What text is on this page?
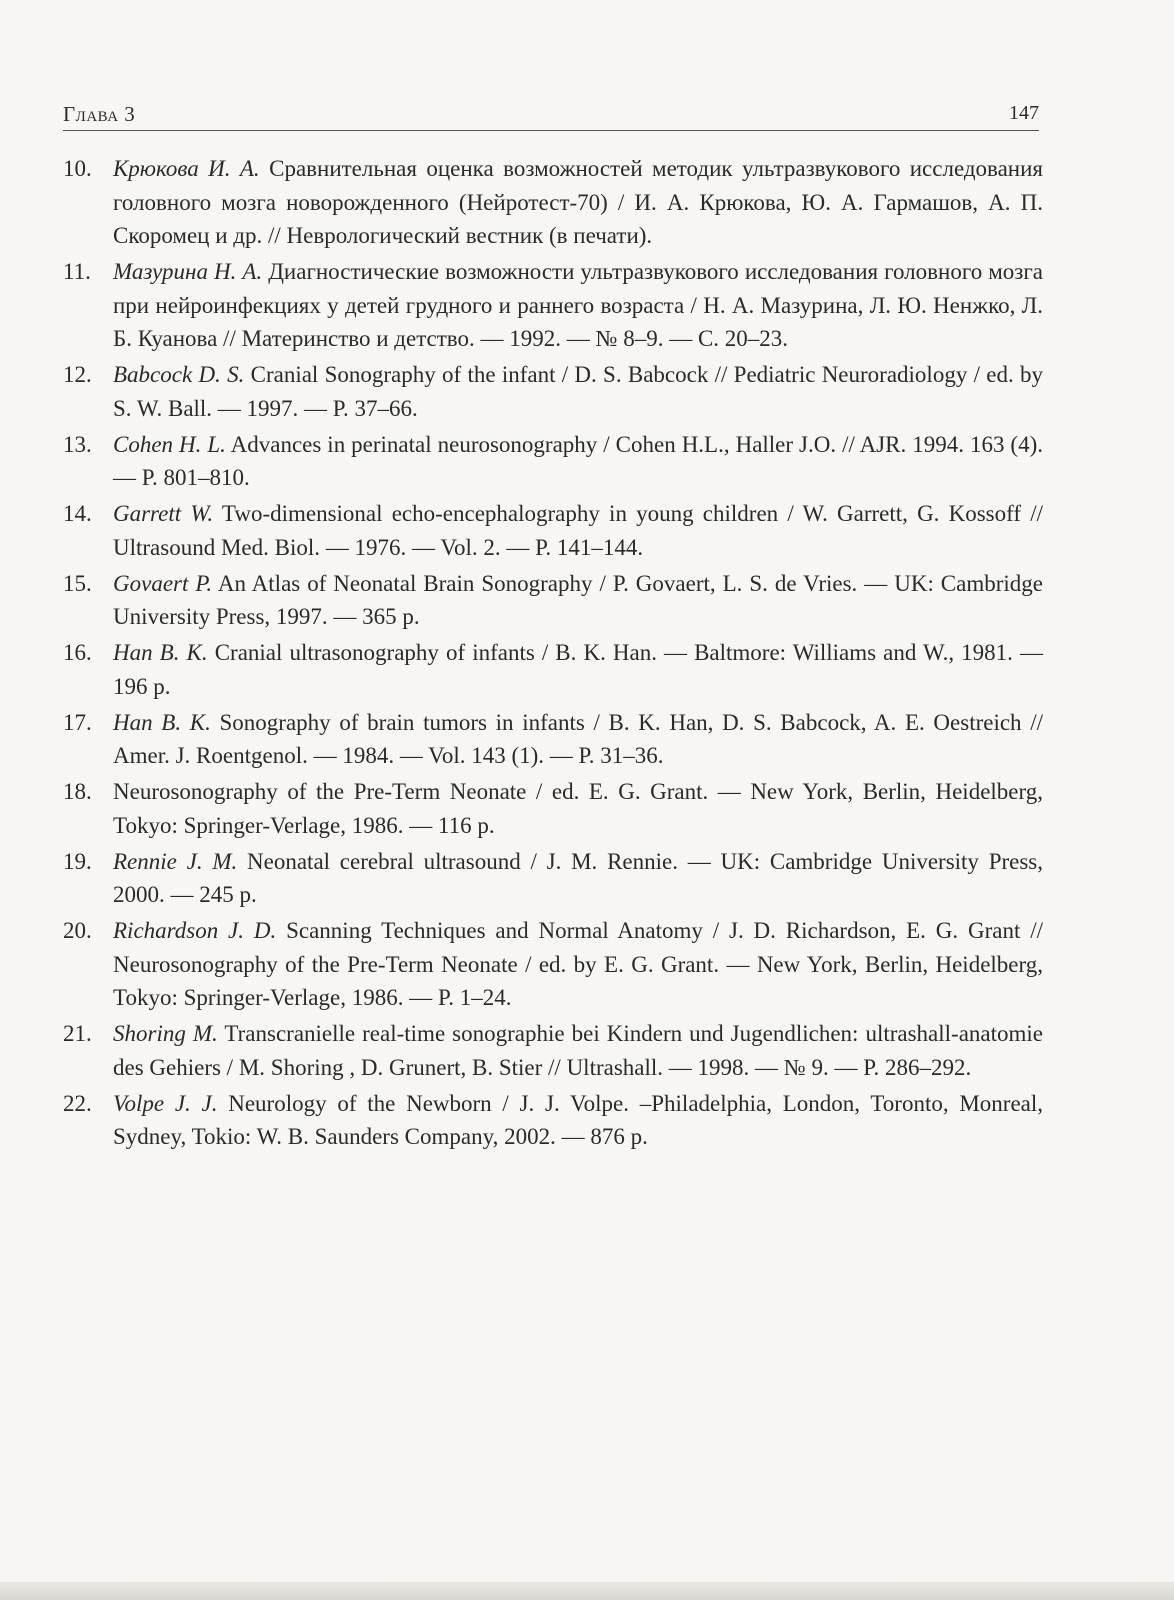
Глава 3	147
10. Крюкова И. А. Сравнительная оценка возможностей методик ультразвукового исследования головного мозга новорожденного (Нейротест-70) / И. А. Крюкова, Ю. А. Гармашов, А. П. Скоромец и др. // Неврологический вестник (в печати).
11. Мазурина Н. А. Диагностические возможности ультразвукового исследования головного мозга при нейроинфекциях у детей грудного и раннего возраста / Н. А. Мазурина, Л. Ю. Ненжко, Л. Б. Куанова // Материнство и детство. — 1992. — № 8–9. — С. 20–23.
12. Babcock D. S. Cranial Sonography of the infant / D. S. Babcock // Pediatric Neuroradiology / ed. by S. W. Ball. — 1997. — P. 37–66.
13. Cohen H. L. Advances in perinatal neurosonography / Cohen H.L., Haller J.O. // AJR. 1994. 163 (4). — P. 801–810.
14. Garrett W. Two-dimensional echo-encephalography in young children / W. Garrett, G. Kossoff // Ultrasound Med. Biol. — 1976. — Vol. 2. — P. 141–144.
15. Govaert P. An Atlas of Neonatal Brain Sonography / P. Govaert, L. S. de Vries. — UK: Cambridge University Press, 1997. — 365 p.
16. Han B. K. Cranial ultrasonography of infants / B. K. Han. — Baltmore: Williams and W., 1981. — 196 p.
17. Han B. K. Sonography of brain tumors in infants / B. K. Han, D. S. Babcock, A. E. Oestreich // Amer. J. Roentgenol. — 1984. — Vol. 143 (1). — P. 31–36.
18. Neurosonography of the Pre-Term Neonate / ed. E. G. Grant. — New York, Berlin, Heidelberg, Tokyo: Springer-Verlage, 1986. — 116 p.
19. Rennie J. M. Neonatal cerebral ultrasound / J. M. Rennie. — UK: Cambridge University Press, 2000. — 245 p.
20. Richardson J. D. Scanning Techniques and Normal Anatomy / J. D. Richardson, E. G. Grant // Neurosonography of the Pre-Term Neonate / ed. by E. G. Grant. — New York, Berlin, Heidelberg, Tokyo: Springer-Verlage, 1986. — P. 1–24.
21. Shoring M. Transcranielle real-time sonographie bei Kindern und Jugendlichen: ultrashall-anatomie des Gehiers / M. Shoring , D. Grunert, B. Stier // Ultrashall. — 1998. — № 9. — P. 286–292.
22. Volpe J. J. Neurology of the Newborn / J. J. Volpe. –Philadelphia, London, Toronto, Monreal, Sydney, Tokio: W. B. Saunders Company, 2002. — 876 p.
